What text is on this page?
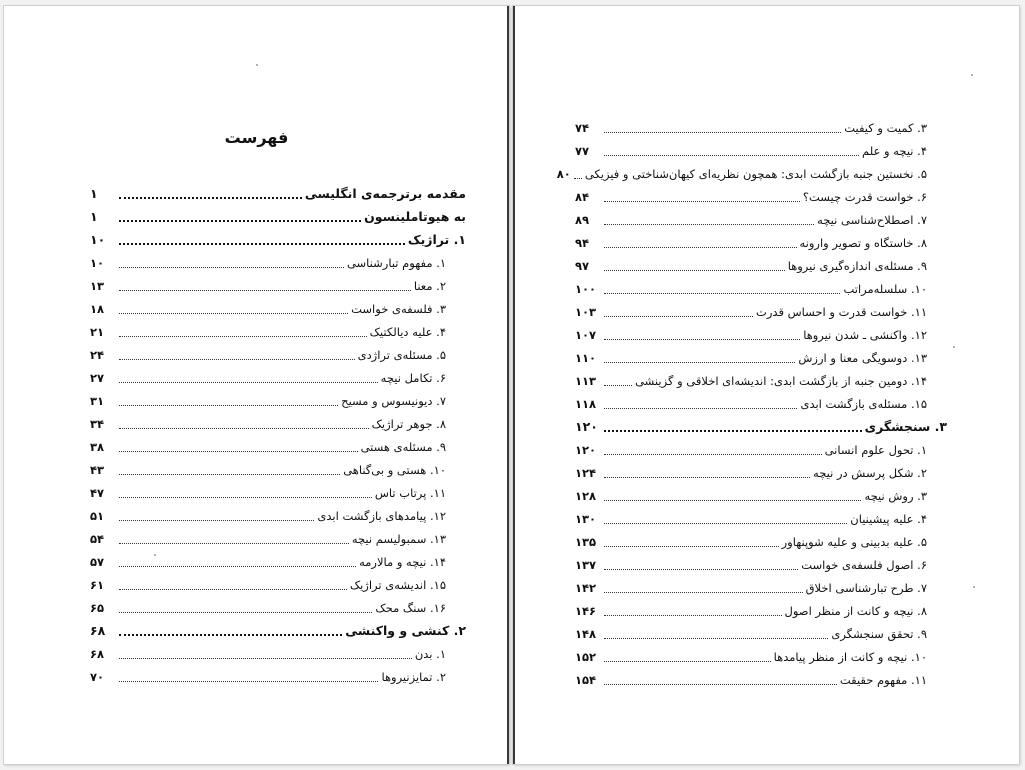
فهرست
مقدمه برترجمه‌ی انگلیسی
۱
به هیوتاملینسون
۱
۱. تراژیک
۱۰
۱. مفهوم تبارشناسی
۱۰
۲. معنا
۱۳
۳. فلسفه‌ی خواست
۱۸
۴. علیه دیالکتیک
۲۱
۵. مسئله‌ی تراژدی
۲۴
۶. تکامل نیچه
۲۷
۷. دیونیسوس و مسیح
۳۱
۸. جوهر تراژیک
۳۴
۹. مسئله‌ی هستی
۳۸
۱۰. هستی و بی‌گناهی
۴۳
۱۱. پرتاب تاس
۴۷
۱۲. پیامدهای بازگشت ابدی
۵۱
۱۳. سمبولیسم نیچه
۵۴
۱۴. نیچه و مالارمه
۵۷
۱۵. اندیشه‌ی تراژیک
۶۱
۱۶. سنگ محک
۶۵
۲. کنشی و واکنشی
۶۸
۱. بدن
۶۸
۲. تمایزنیروها
۷۰
۳. کمیت و کیفیت
۷۴
۴. نیچه و علم
۷۷
۵. نخستین جنبه بازگشت ابدی: همچون نظریه‌ای کیهان‌شناختی و فیزیکی
۸۰
۶. خواست قدرت چیست؟
۸۴
۷. اصطلاح‌شناسی نیچه
۸۹
۸. خاستگاه و تصویر وارونه
۹۴
۹. مسئله‌ی اندازه‌گیری نیروها
۹۷
۱۰. سلسله‌مراتب
۱۰۰
۱۱. خواست قدرت و احساس قدرت
۱۰۳
۱۲. واکنشی ـ شدن نیروها
۱۰۷
۱۳. دوسویگی معنا و ارزش
۱۱۰
۱۴. دومین جنبه از بازگشت ابدی: اندیشه‌ای اخلاقی و گزینشی
۱۱۳
۱۵. مسئله‌ی بازگشت ابدی
۱۱۸
۳. سنجشگری
۱۲۰
۱. تحول علوم انسانی
۱۲۰
۲. شکل پرسش در نیچه
۱۲۴
۳. روش نیچه
۱۲۸
۴. علیه پیشینیان
۱۳۰
۵. علیه بدبینی و علیه شوپنهاور
۱۳۵
۶. اصول فلسفه‌ی خواست
۱۳۷
۷. طرح تبارشناسی اخلاق
۱۴۲
۸. نیچه و کانت از منظر اصول
۱۴۶
۹. تحقق سنجشگری
۱۴۸
۱۰. نیچه و کانت از منظر پیامدها
۱۵۲
۱۱. مفهوم حقیقت
۱۵۴
